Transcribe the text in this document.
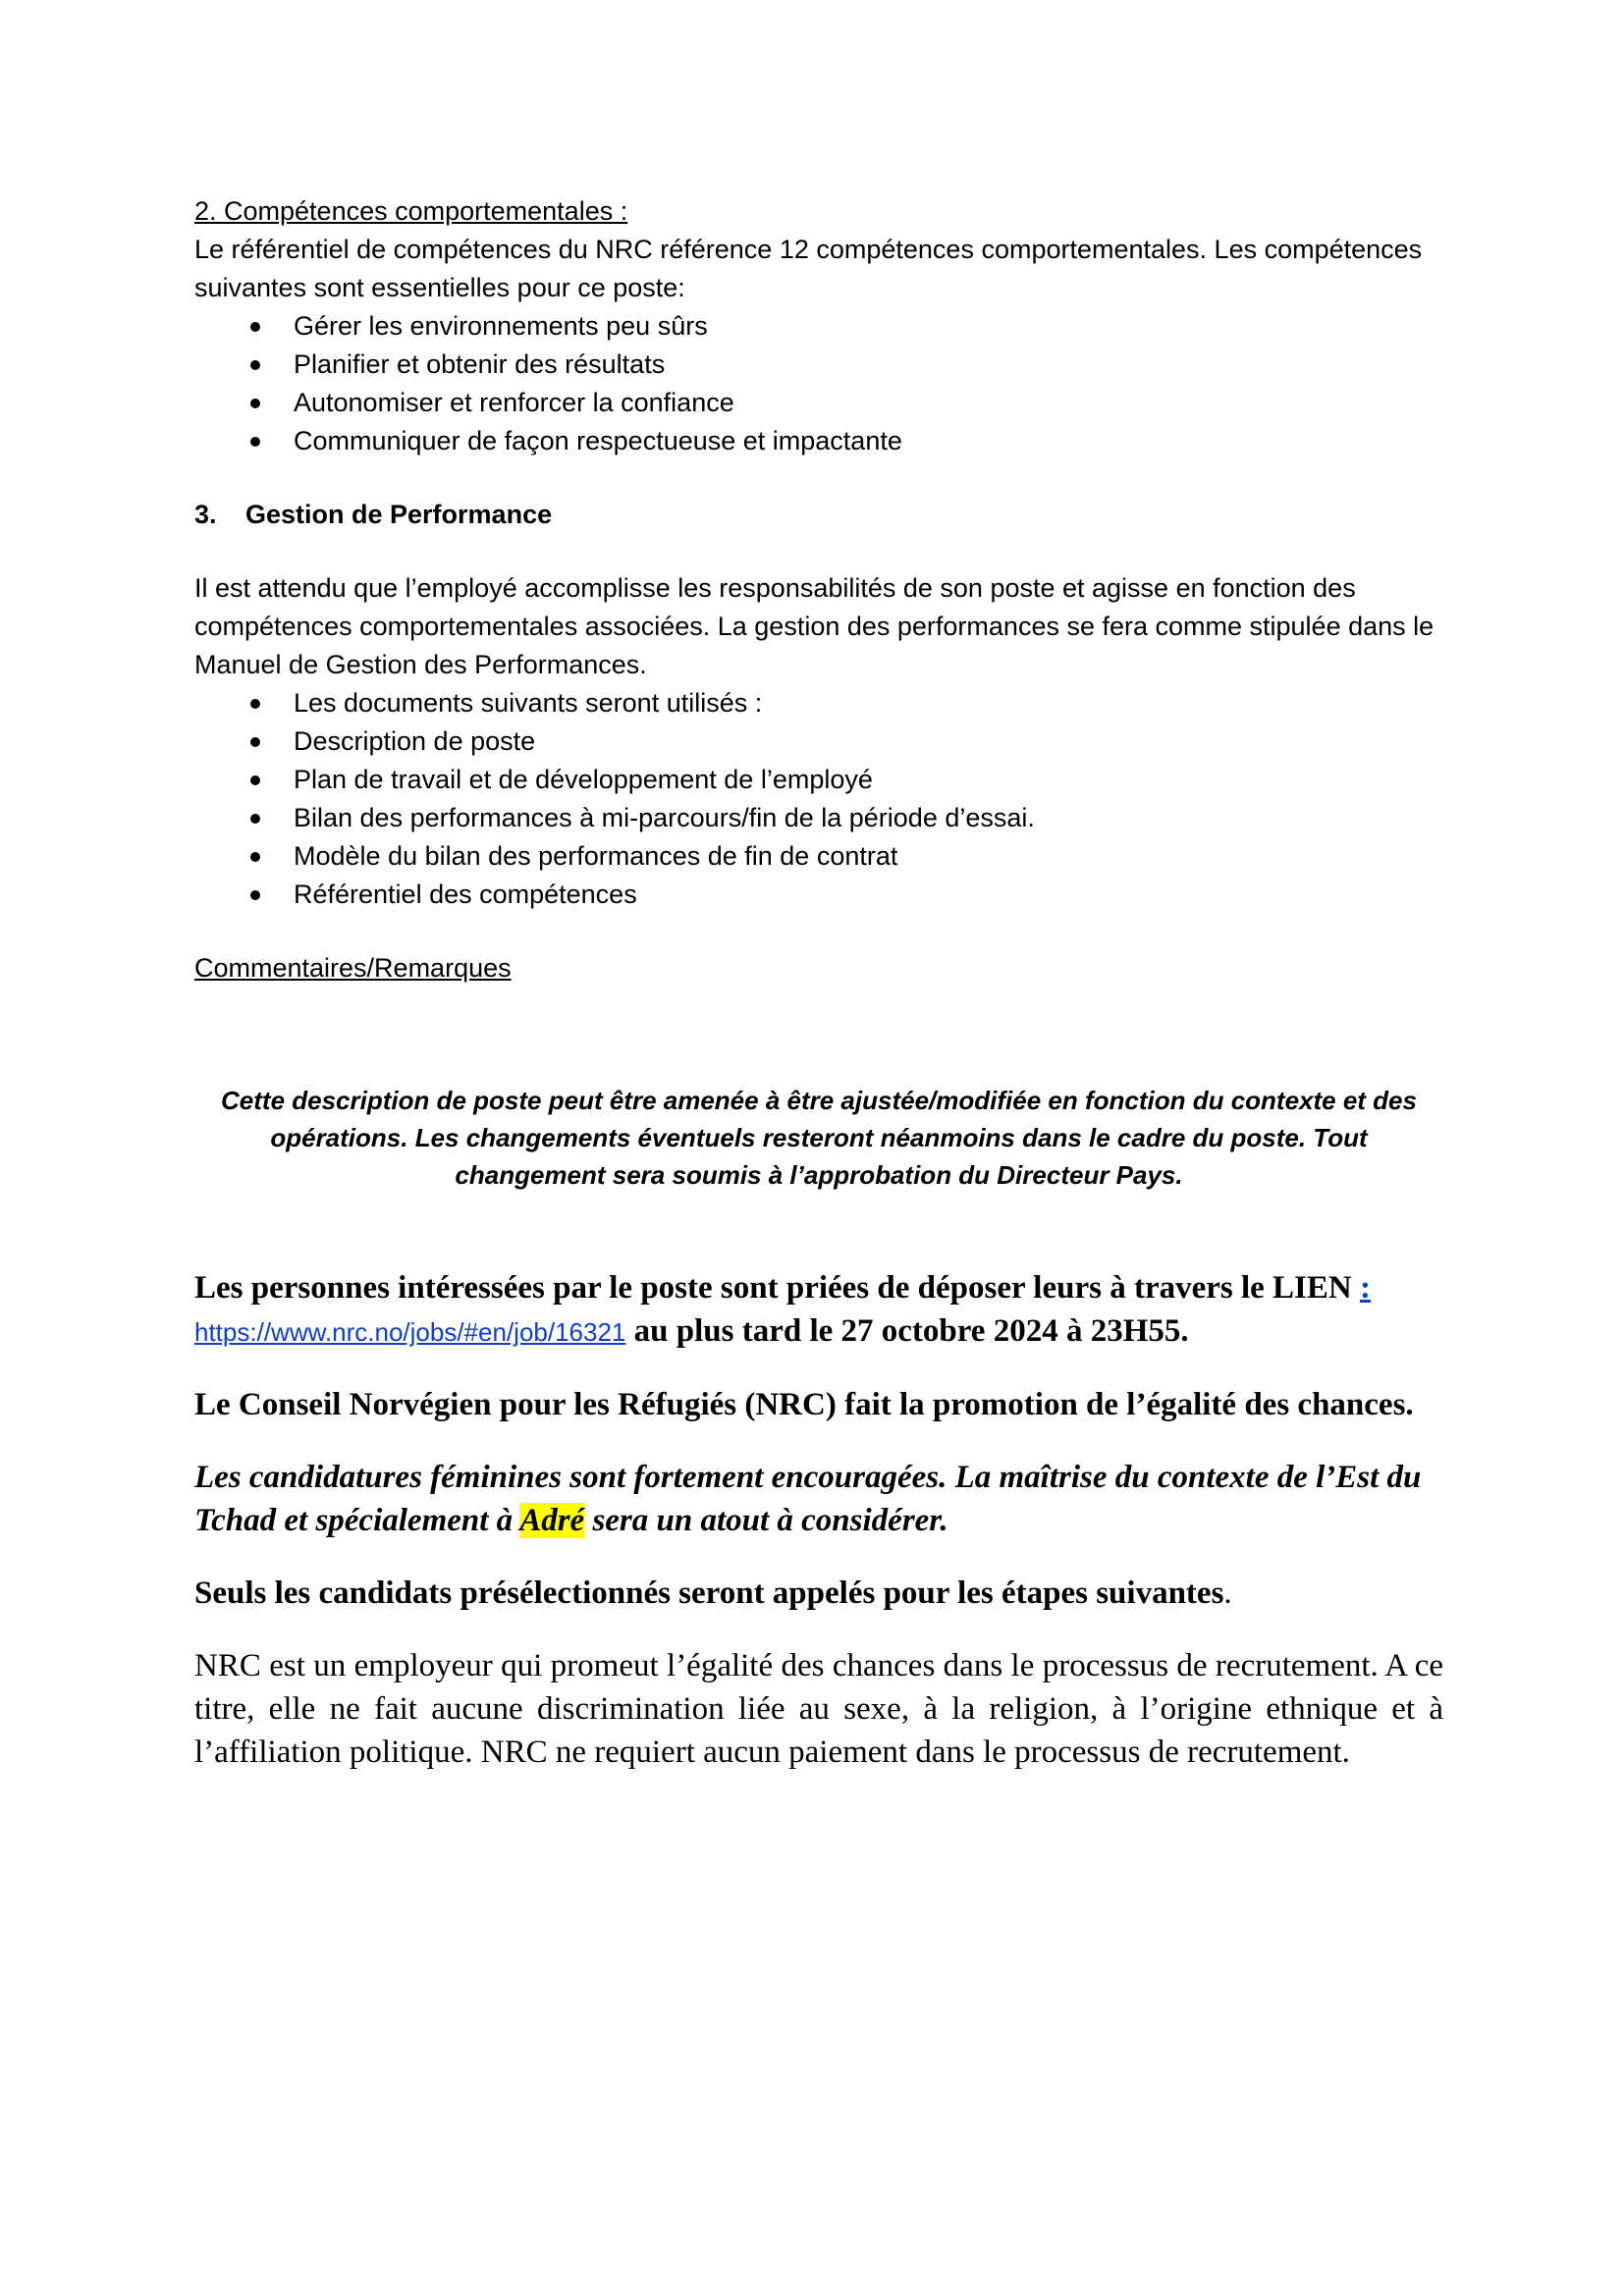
2. Compétences comportementales :

Le référentiel de compétences du NRC référence 12 compétences comportementales. Les compétences suivantes sont essentielles pour ce poste:

Gérer les environnements peu sûrs
Planifier et obtenir des résultats
Autonomiser et renforcer la confiance
Communiquer de façon respectueuse et impactante

3. Gestion de Performance

Il est attendu que l’employé accomplisse les responsabilités de son poste et agisse en fonction des compétences comportementales associées. La gestion des performances se fera comme stipulée dans le Manuel de Gestion des Performances.

Les documents suivants seront utilisés :
Description de poste
Plan de travail et de développement de l’employé
Bilan des performances à mi-parcours/fin de la période d’essai.
Modèle du bilan des performances de fin de contrat
Référentiel des compétences

Commentaires/Remarques

Cette description de poste peut être amenée à être ajustée/modifiée en fonction du contexte et des opérations. Les changements éventuels resteront néanmoins dans le cadre du poste. Tout changement sera soumis à l’approbation du Directeur Pays.

Les personnes intéressées par le poste sont priées de déposer leurs à travers le LIEN :
https://www.nrc.no/jobs/#en/job/16321 au plus tard le 27 octobre 2024 à 23H55.

Le Conseil Norvégien pour les Réfugiés (NRC) fait la promotion de l’égalité des chances.

Les candidatures féminines sont fortement encouragées. La maîtrise du contexte de l’Est du Tchad et spécialement à Adré sera un atout à considérer.

Seuls les candidats présélectionnés seront appelés pour les étapes suivantes.

NRC est un employeur qui promeut l’égalité des chances dans le processus de recrutement. A ce titre, elle ne fait aucune discrimination liée au sexe, à la religion, à l’origine ethnique et à l’affiliation politique. NRC ne requiert aucun paiement dans le processus de recrutement.
